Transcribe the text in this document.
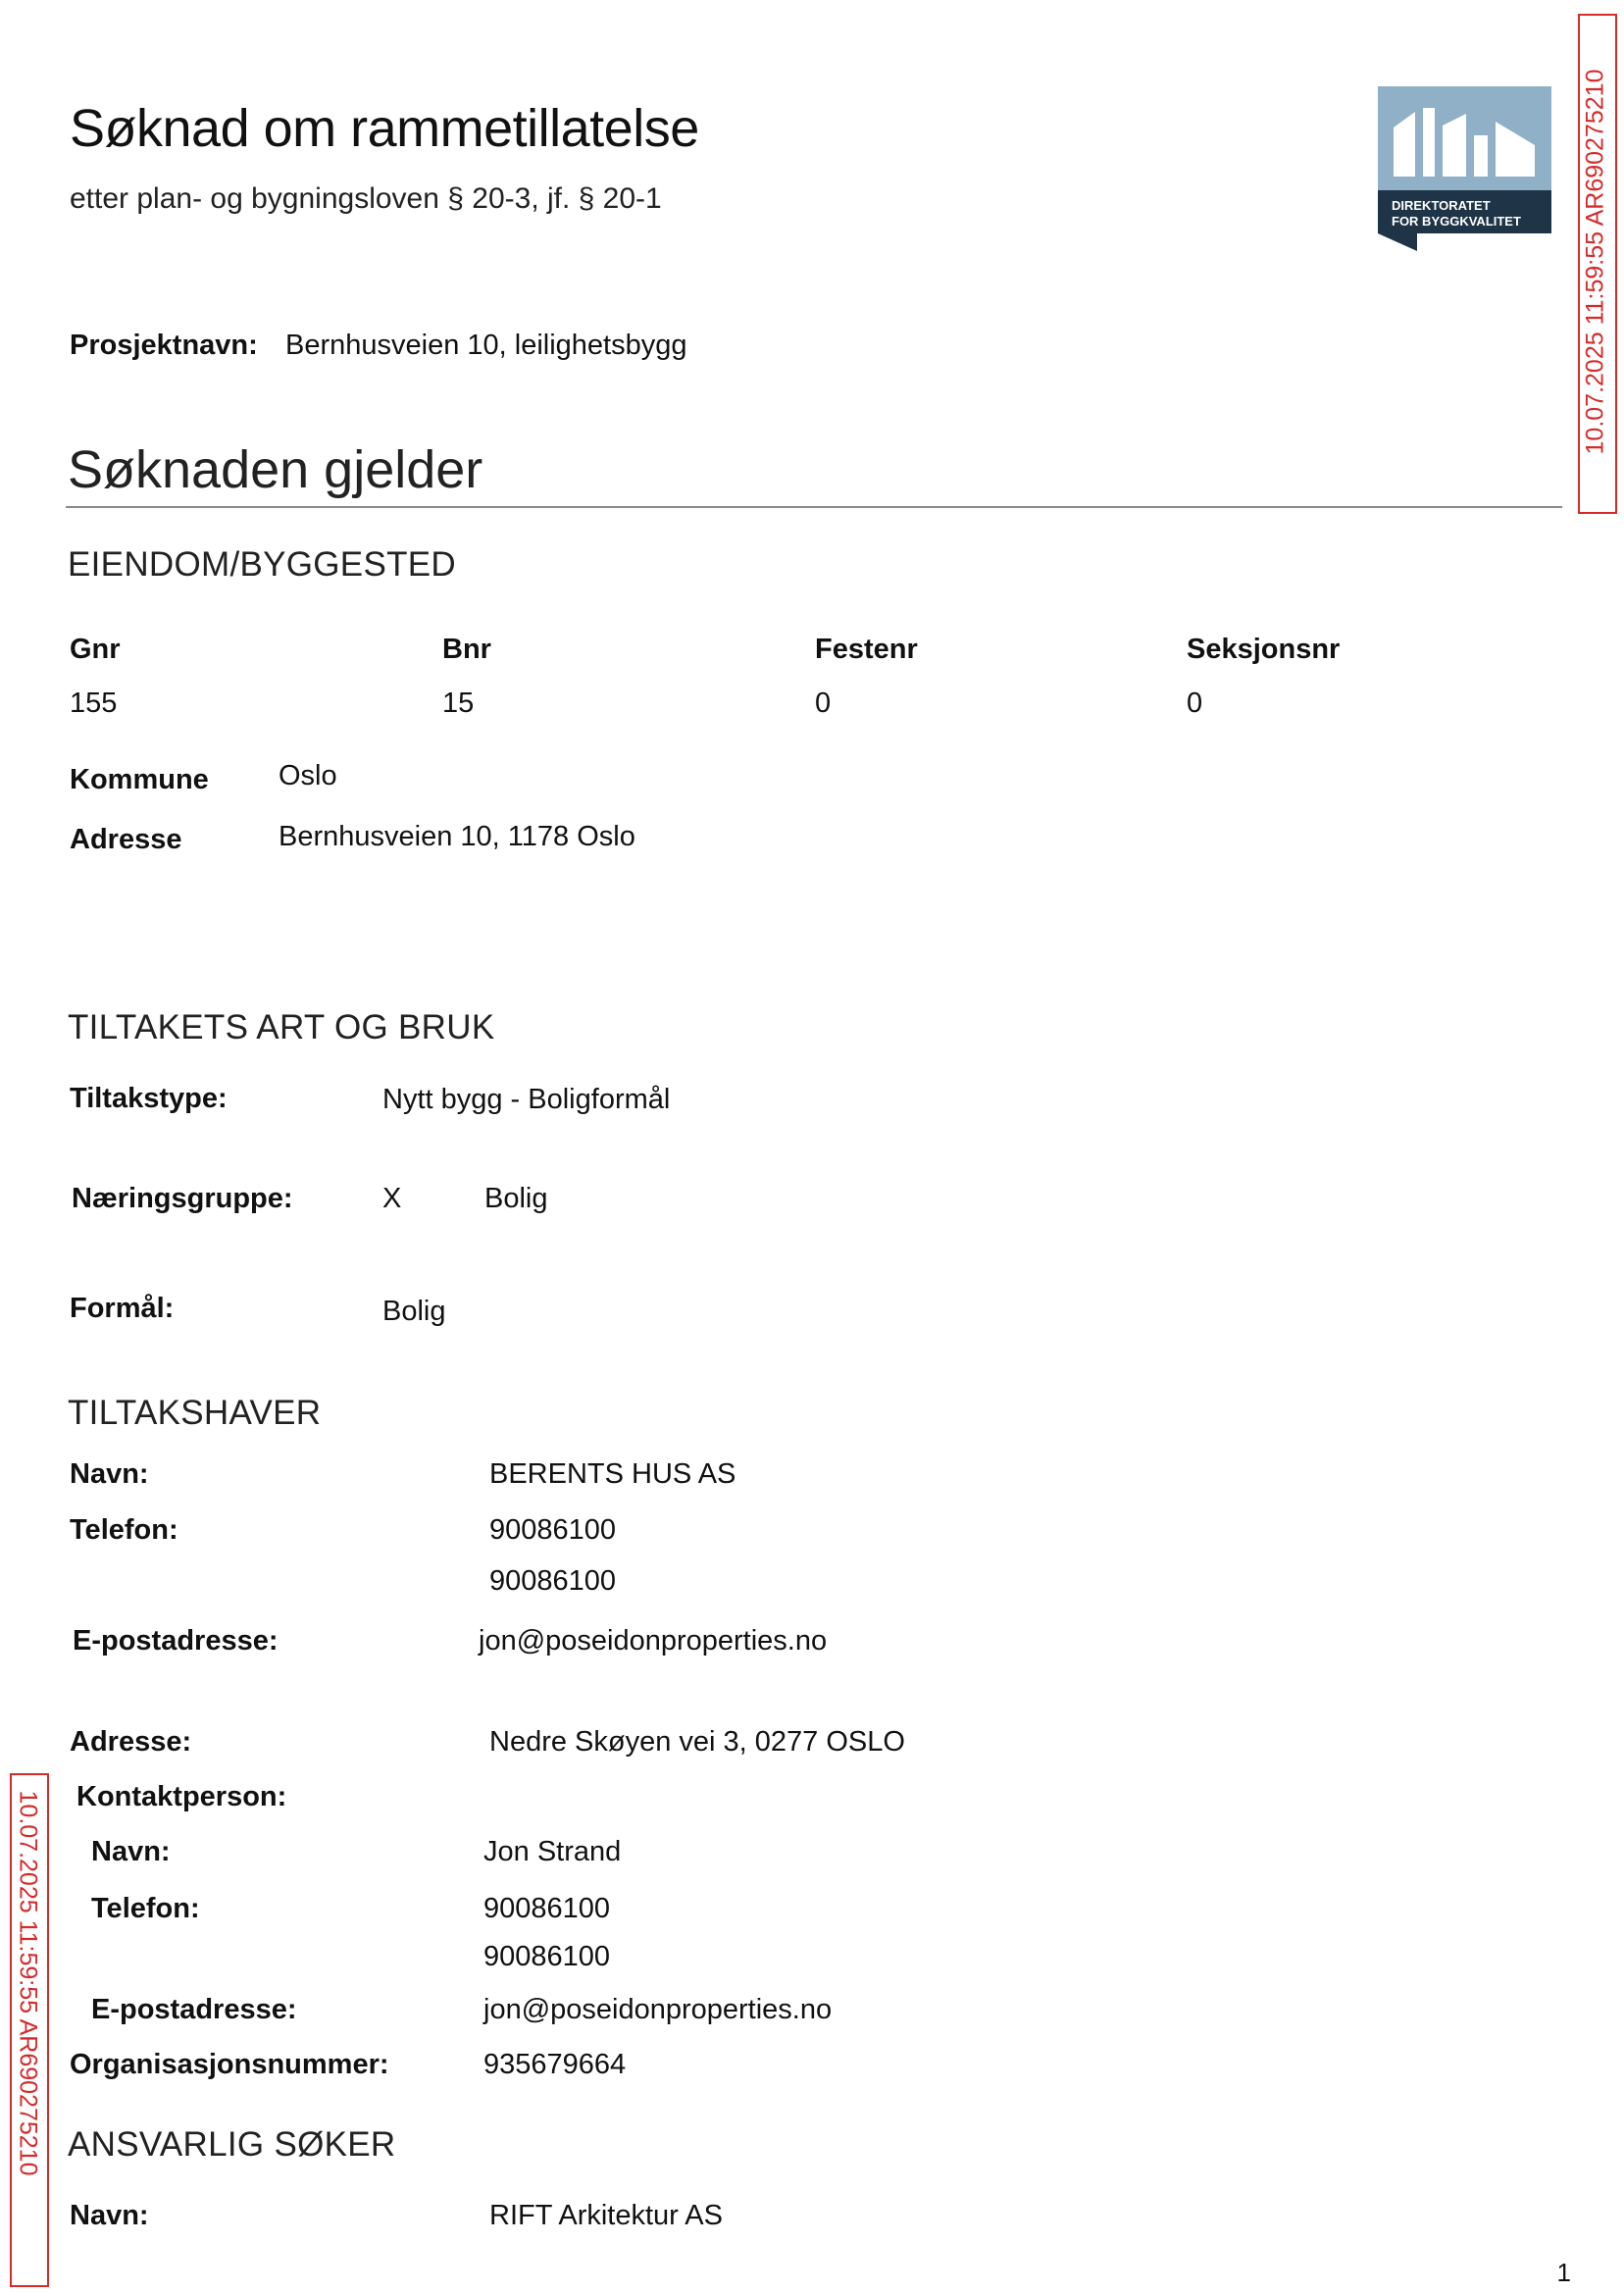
Søknad om rammetillatelse
etter plan- og bygningsloven § 20-3, jf. § 20-1	DIREKTORATET
FOR BYGGKVALITET 10.07.2025 11:59:55 AR690275210
10.07.2025 11:59:55 AR690275210
Prosjektnavn: Bernhusveien 10, leilighetsbygg
Søknaden gjelder
EIENDOM/BYGGESTED
Gnr	Bnr	Festenr	Seksjonsnr
155	15	0	0
Kommune Oslo
Adresse	Bernhusveien 10, 1178 Oslo
TILTAKETS ART OG BRUK
Tiltakstype:	Nytt bygg - Boligformål
Næringsgruppe:	X	Bolig
Formål:	Bolig
TILTAKSHAVER
Navn:	BERENTS HUS AS
Telefon:	90086100
90086100
E-postadresse:	jon@poseidonproperties.no
Adresse:	Nedre Skøyen vei 3, 0277 OSLO
Kontaktperson:
Navn:	Jon Strand
Telefon:	90086100
90086100
E-postadresse:	jon@poseidonproperties.no
Organisasjonsnummer:	935679664
ANSVARLIG SØKER
Navn:	RIFT Arkitektur AS
1
